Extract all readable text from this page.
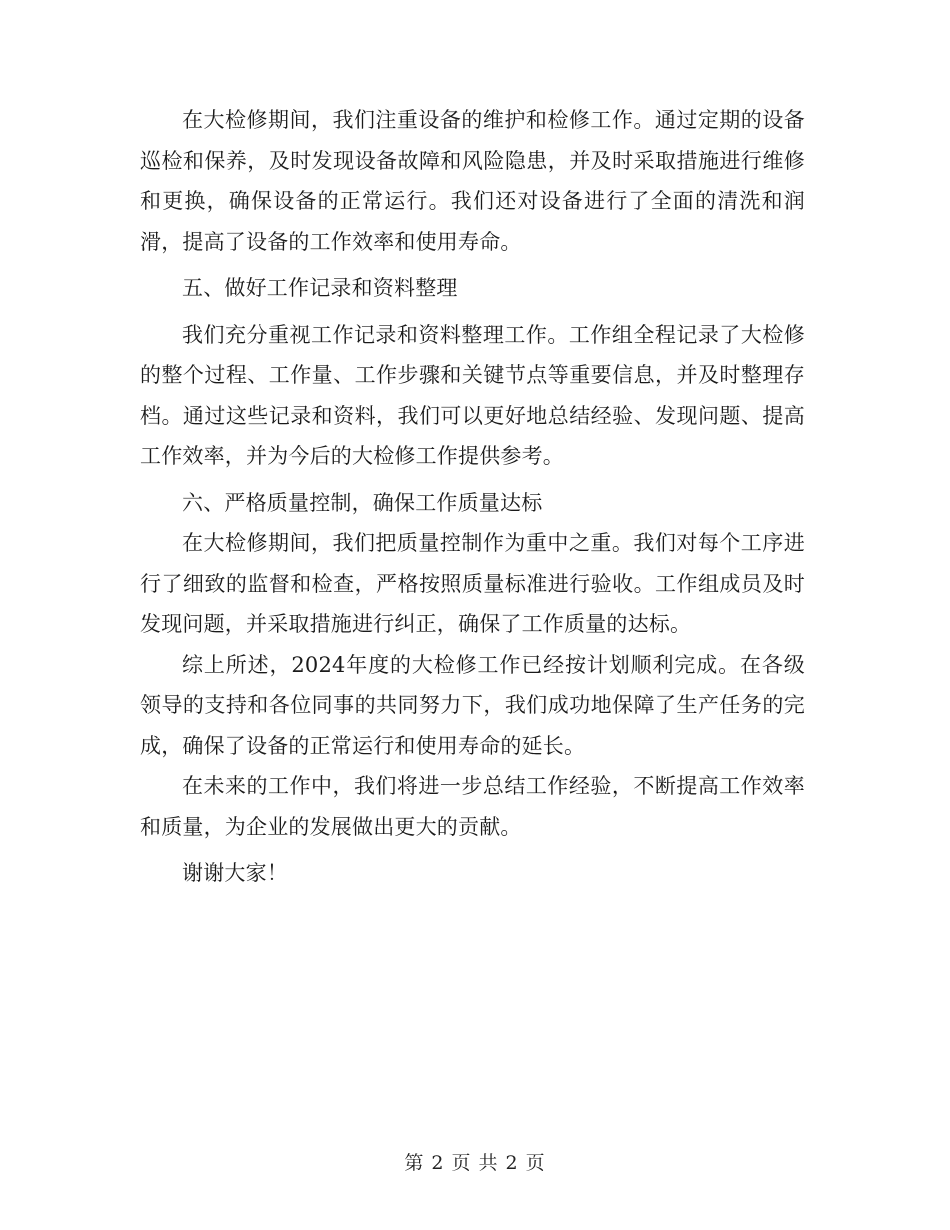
在大检修期间，我们注重设备的维护和检修工作。通过定期的设备巡检和保养，及时发现设备故障和风险隐患，并及时采取措施进行维修和更换，确保设备的正常运行。我们还对设备进行了全面的清洗和润滑，提高了设备的工作效率和使用寿命。

五、做好工作记录和资料整理

我们充分重视工作记录和资料整理工作。工作组全程记录了大检修的整个过程、工作量、工作步骤和关键节点等重要信息，并及时整理存档。通过这些记录和资料，我们可以更好地总结经验、发现问题、提高工作效率，并为今后的大检修工作提供参考。

六、严格质量控制，确保工作质量达标

在大检修期间，我们把质量控制作为重中之重。我们对每个工序进行了细致的监督和检查，严格按照质量标准进行验收。工作组成员及时发现问题，并采取措施进行纠正，确保了工作质量的达标。

综上所述，2024年度的大检修工作已经按计划顺利完成。在各级领导的支持和各位同事的共同努力下，我们成功地保障了生产任务的完成，确保了设备的正常运行和使用寿命的延长。

在未来的工作中，我们将进一步总结工作经验，不断提高工作效率和质量，为企业的发展做出更大的贡献。

谢谢大家！

第 2 页 共 2 页
